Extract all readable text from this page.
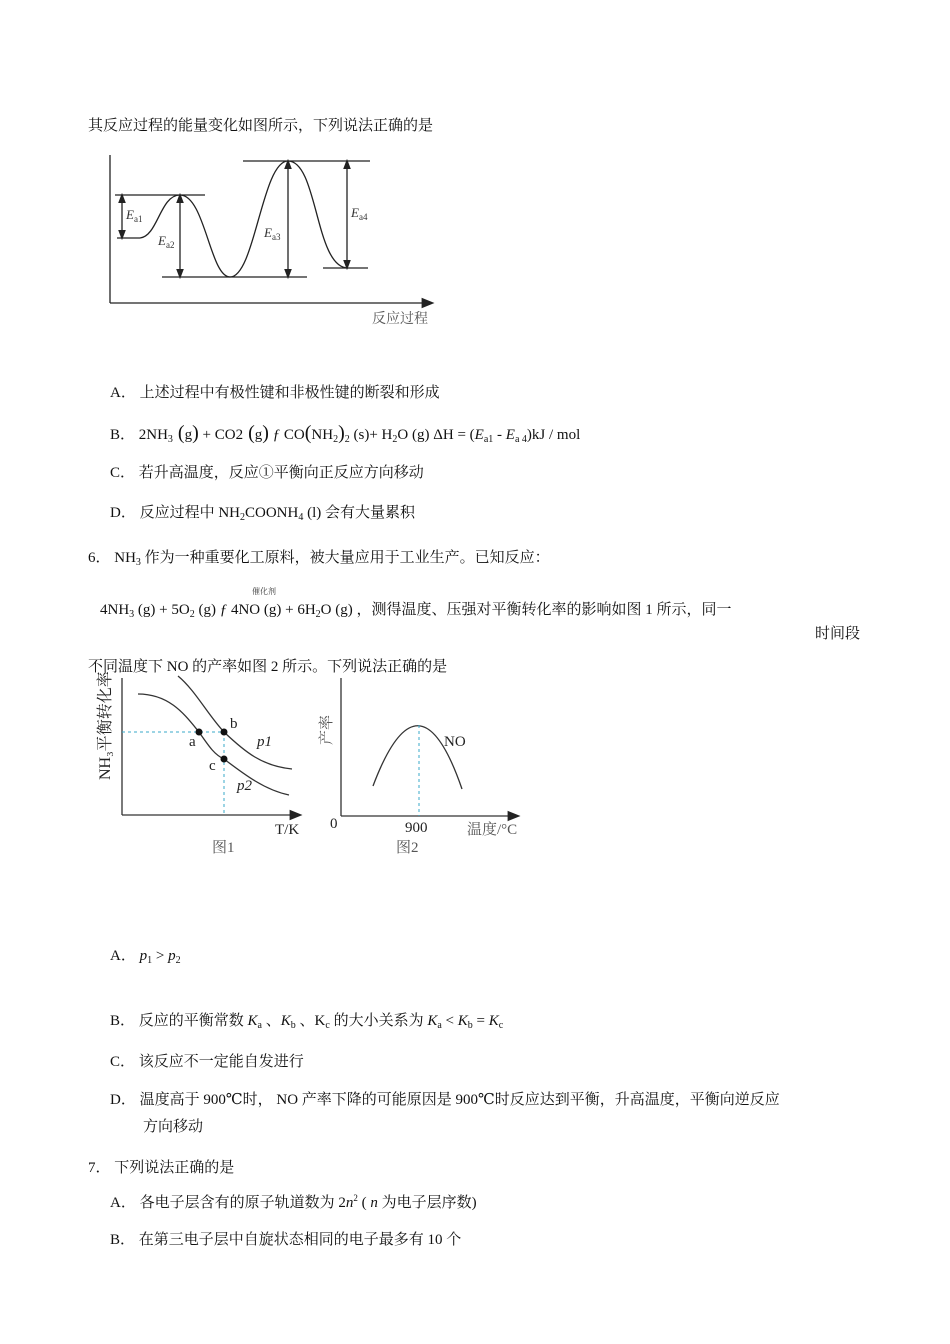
其反应过程的能量变化如图所示，下列说法正确的是
$E_{a1}$
$E_{a2}$
$E_{a3}$
$E_{a4}$
反应过程
a
b
c
p1
p2
T/K
图1
NH₃平衡转化率
0	900	温度/°C
NO
图2
产率
A． 上述过程中有极性键和非极性键的断裂和形成
B． $2NH_3$ (g) + CO2 (g) ƒ $CO(NH_2)_2$ $(s)+ H_2O$ (g) $\Delta H = (E_{a1} - E_{a 4})kJ$ / mol
C． 若升高温度，反应①平衡向正反应方向移动
D． 反应过程中 $NH_2COONH_4$ (l) 会有大量累积
6． $NH_3$ 作为一种重要化工原料，被大量应用于工业生产。已知反应：
催化剂
$4NH_3$ $(g) + 5O_2$ (g) ƒ 4NO $(g) + 6H_2O$ (g) ，测得温度、压强对平衡转化率的影响如图 1 所示，同一
时间段
不同温度下 NO 的产率如图 2 所示。下列说法正确的是
A． $p_1 > p_2$
B． 反应的平衡常数 $K_a$ 、$K_b$ 、$K_c$ 的大小关系为 $K_a < K_b = K_c$
C． 该反应不一定能自发进行
D． 温度高于 900℃时， NO 产率下降的可能原因是 900℃时反应达到平衡，升高温度，平衡向逆反应
方向移动
7． 下列说法正确的是
A． 各电子层含有的原子轨道数为 $2n^2$ ( n 为电子层序数)
B． 在第三电子层中自旋状态相同的电子最多有 10 个
